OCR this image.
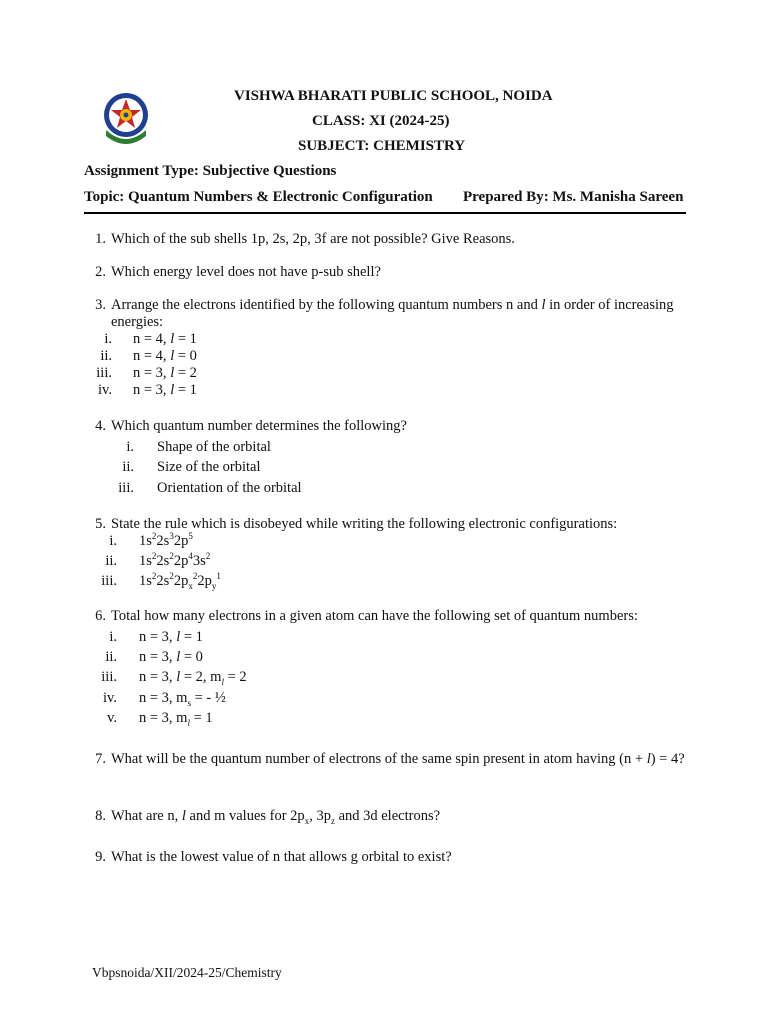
VISHWA BHARATI PUBLIC SCHOOL, NOIDA
CLASS: XI (2024-25)
SUBJECT: CHEMISTRY
Assignment Type: Subjective Questions
Topic: Quantum Numbers & Electronic Configuration Prepared By: Ms. Manisha Sareen
1. Which of the sub shells 1p, 2s, 2p, 3f are not possible? Give Reasons.
2. Which energy level does not have p-sub shell?
3. Arrange the electrons identified by the following quantum numbers n and l in order of increasing energies:
i. n = 4, l = 1
ii. n = 4, l = 0
iii. n = 3, l = 2
iv. n = 3, l = 1
4. Which quantum number determines the following?
i. Shape of the orbital
ii. Size of the orbital
iii. Orientation of the orbital
5. State the rule which is disobeyed while writing the following electronic configurations:
i. $1s^22s^32p^5$
ii. $1s^22s^22p^43s^2$
iii. $1s^22s^22p_x^22p_y^1$
6. Total how many electrons in a given atom can have the following set of quantum numbers:
i. n = 3, l = 1
ii. n = 3, l = 0
iii. n = 3, l = 2, $m_l = 2$
iv. n = 3, $m_s$ = - ½
v. n = 3, $m_l = 1$
7. What will be the quantum number of electrons of the same spin present in atom having (n + l) = 4?
8. What are n, l and m values for $2p_x$, $3p_z$ and 3d electrons?
9. What is the lowest value of n that allows g orbital to exist?
Vbpsnoida/XII/2024-25/Chemistry
